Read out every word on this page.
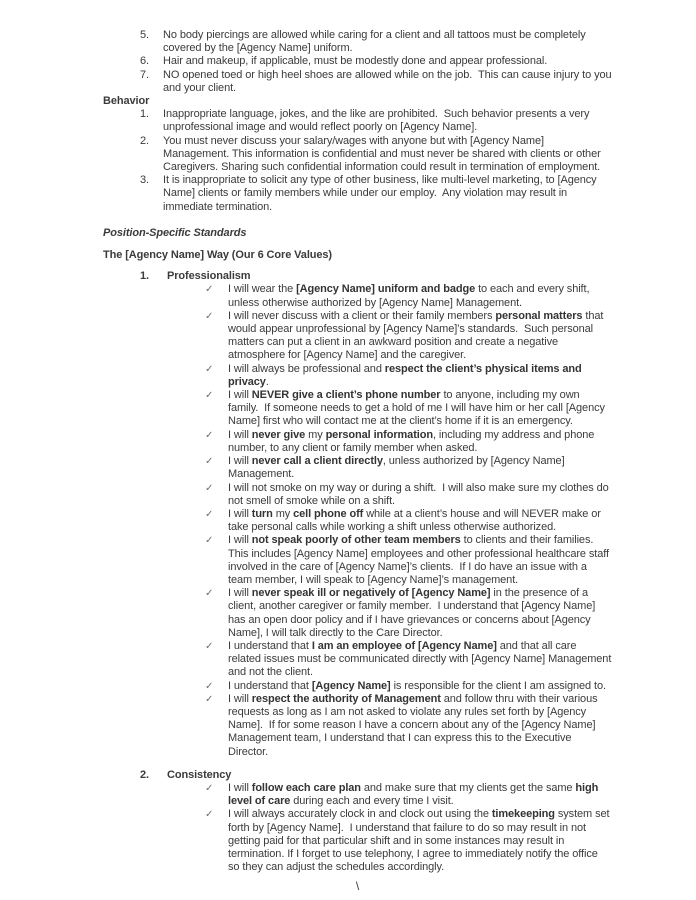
5.	No body piercings are allowed while caring for a client and all tattoos must be completely covered by the [Agency Name] uniform.
6.	Hair and makeup, if applicable, must be modestly done and appear professional.
7.	NO opened toed or high heel shoes are allowed while on the job.  This can cause injury to you and your client.
Behavior
1.	Inappropriate language, jokes, and the like are prohibited.  Such behavior presents a very unprofessional image and would reflect poorly on [Agency Name].
2.	You must never discuss your salary/wages with anyone but with [Agency Name] Management. This information is confidential and must never be shared with clients or other Caregivers. Sharing such confidential information could result in termination of employment.
3.	It is inappropriate to solicit any type of other business, like multi-level marketing, to [Agency Name] clients or family members while under our employ.  Any violation may result in immediate termination.
Position-Specific Standards
The [Agency Name] Way (Our 6 Core Values)
1.	Professionalism
✓	I will wear the [Agency Name] uniform and badge to each and every shift, unless otherwise authorized by [Agency Name] Management.
✓	I will never discuss with a client or their family members personal matters that would appear unprofessional by [Agency Name]’s standards.  Such personal matters can put a client in an awkward position and create a negative atmosphere for [Agency Name] and the caregiver.
✓	I will always be professional and respect the client’s physical items and privacy.
✓	I will NEVER give a client’s phone number to anyone, including my own family.  If someone needs to get a hold of me I will have him or her call [Agency Name] first who will contact me at the client’s home if it is an emergency.
✓	I will never give my personal information, including my address and phone number, to any client or family member when asked.
✓	I will never call a client directly, unless authorized by [Agency Name] Management.
✓	I will not smoke on my way or during a shift.  I will also make sure my clothes do not smell of smoke while on a shift.
✓	I will turn my cell phone off while at a client’s house and will NEVER make or take personal calls while working a shift unless otherwise authorized.
✓	I will not speak poorly of other team members to clients and their families. This includes [Agency Name] employees and other professional healthcare staff involved in the care of [Agency Name]’s clients.  If I do have an issue with a team member, I will speak to [Agency Name]’s management.
✓	I will never speak ill or negatively of [Agency Name] in the presence of a client, another caregiver or family member.  I understand that [Agency Name] has an open door policy and if I have grievances or concerns about [Agency Name], I will talk directly to the Care Director.
✓	I understand that I am an employee of [Agency Name] and that all care related issues must be communicated directly with [Agency Name] Management and not the client.
✓	I understand that [Agency Name] is responsible for the client I am assigned to.
✓	I will respect the authority of Management and follow thru with their various requests as long as I am not asked to violate any rules set forth by [Agency Name].  If for some reason I have a concern about any of the [Agency Name] Management team, I understand that I can express this to the Executive Director.
2.	Consistency
✓	I will follow each care plan and make sure that my clients get the same high level of care during each and every time I visit.
✓	I will always accurately clock in and clock out using the timekeeping system set forth by [Agency Name].  I understand that failure to do so may result in not getting paid for that particular shift and in some instances may result in termination. If I forget to use telephony, I agree to immediately notify the office so they can adjust the schedules accordingly.
\
